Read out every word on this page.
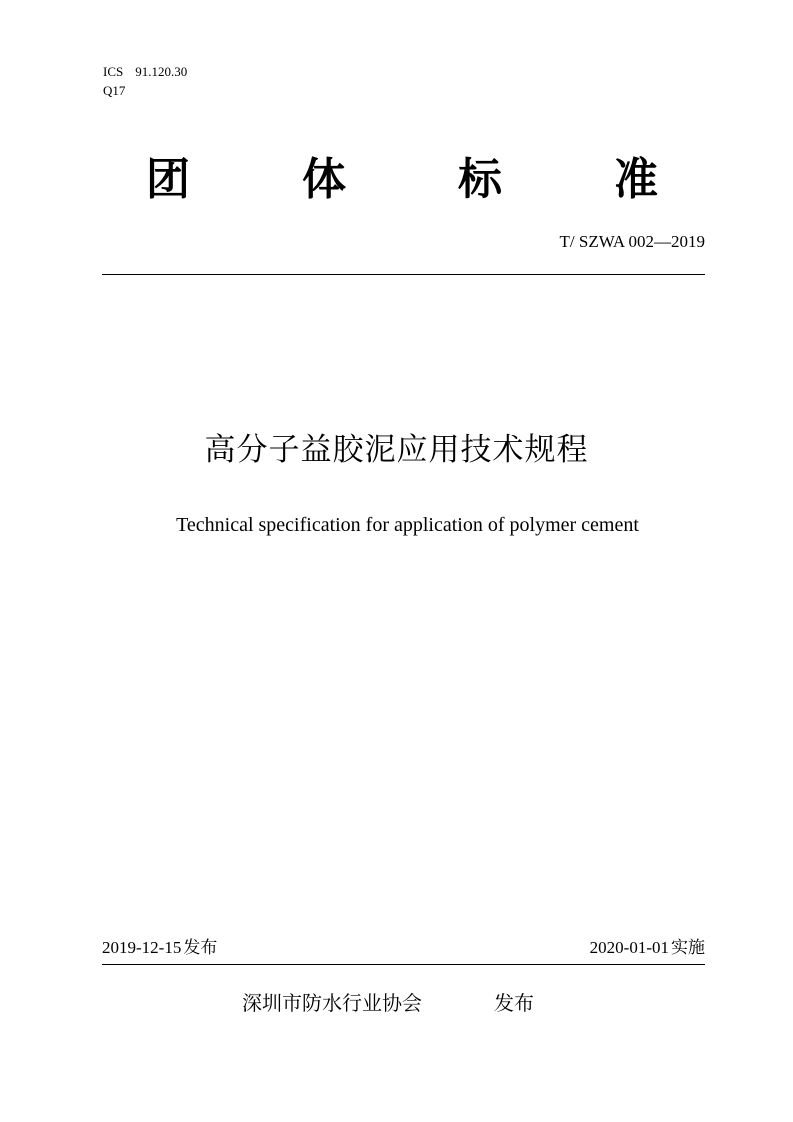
ICS 91.120.30
Q17
团	体	标	准
T/ SZWA 002—2019
高分子益胶泥应用技术规程
Technical specification for application of polymer cement
2019-12-15 发布	2020-01-01 实施
深圳市防水行业协会	发布
